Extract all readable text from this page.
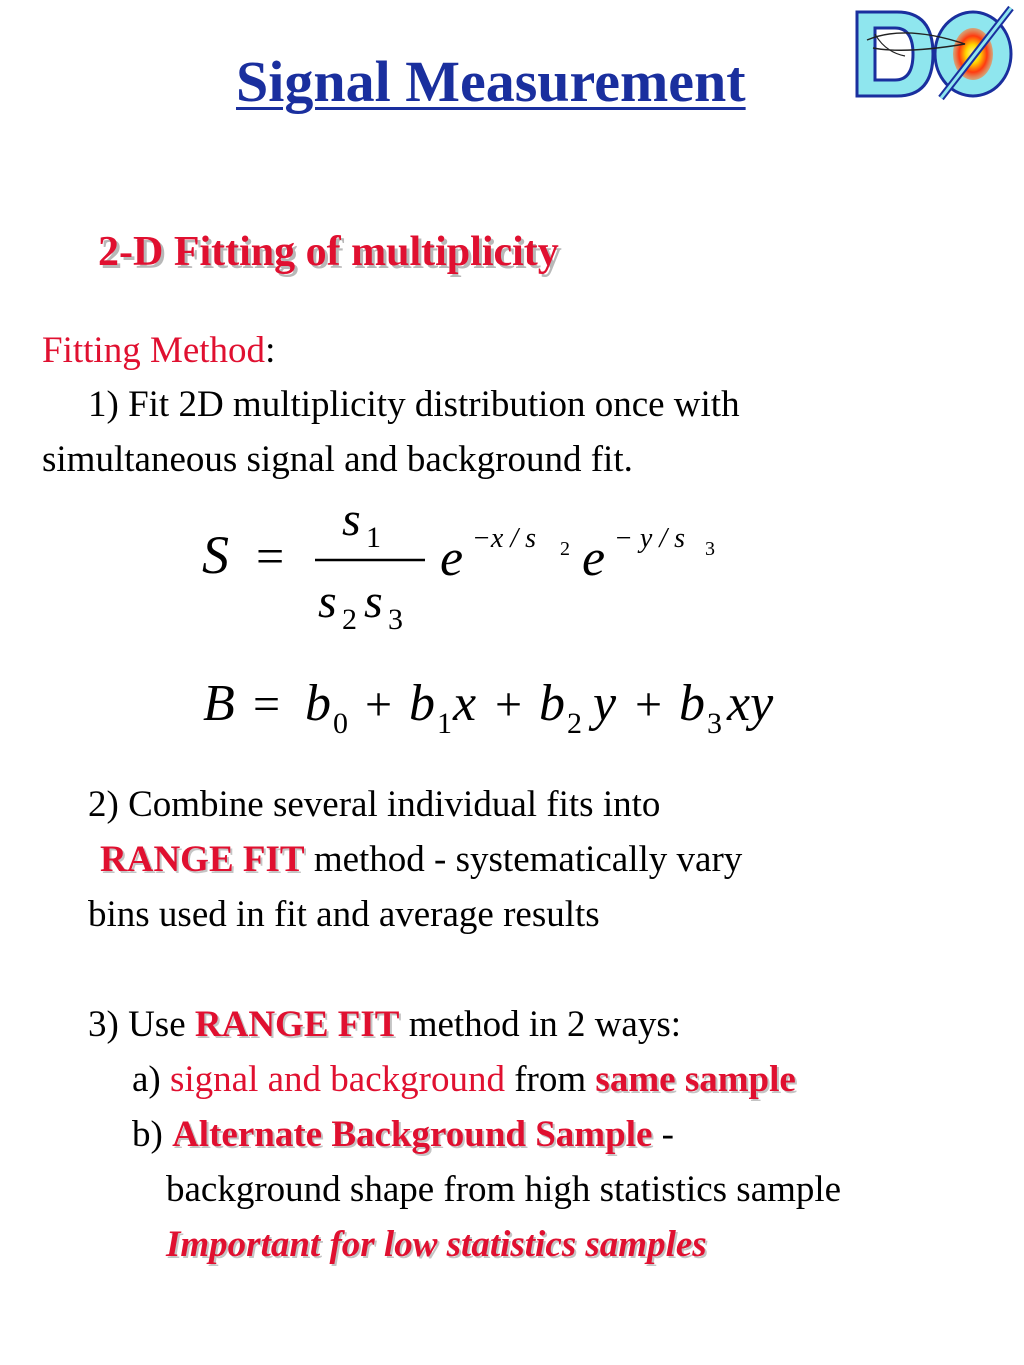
Signal Measurement
2-D Fitting of multiplicity
Fitting Method:
1) Fit 2D multiplicity distribution once with
simultaneous signal and background fit.
S =
s 1
s 2 s 3
e −x / s 2 e − y / s 3
B = b 0 + b 1 x + b 2 y + b 3 xy
2) Combine several individual fits into
RANGE FIT method - systematically vary
bins used in fit and average results
3) Use RANGE FIT method in 2 ways:
a) signal and background from same sample
b) Alternate Background Sample -
background shape from high statistics sample
Important for low statistics samples
